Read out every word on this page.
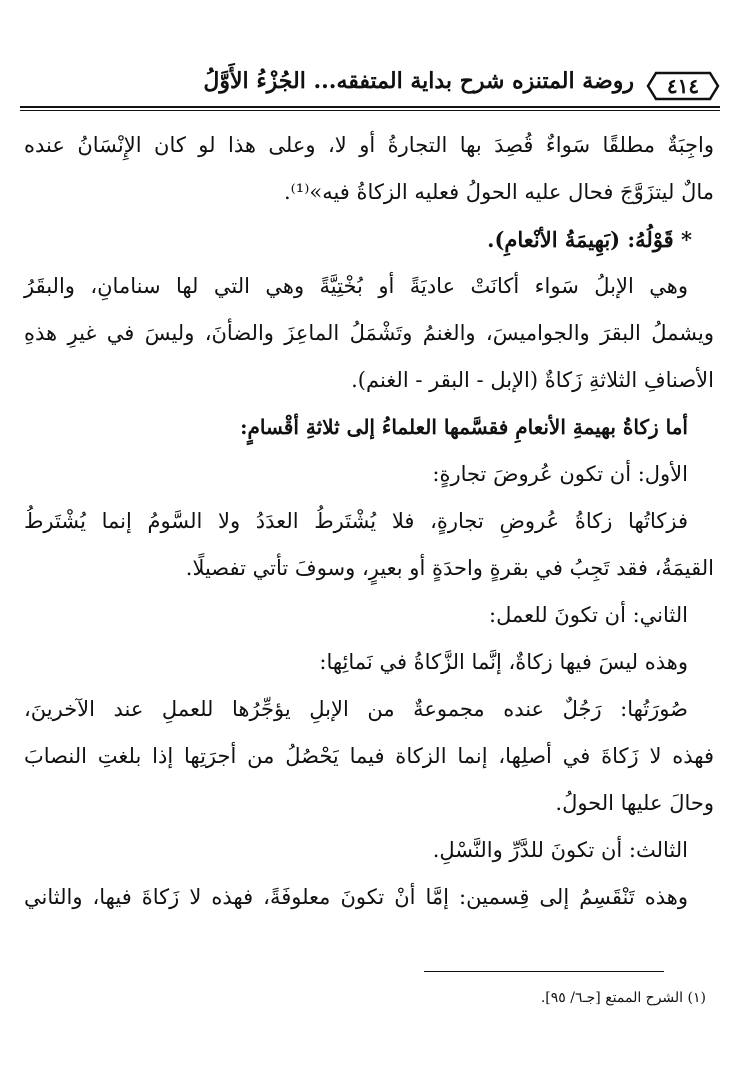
٤١٤
روضة المتنزه شرح بداية المتفقه... الجُزْءُ الأَوَّلُ
واجِبَةٌ مطلقًا سَواءٌ قُصِدَ بها التجارةُ أو لا، وعلى هذا لو كان الإِنْسَانُ عنده
مالٌ ليتزَوَّجَ فحال عليه الحولُ فعليه الزكاةُ فيه»⁽¹⁾.
* قَوْلُهُ: (بَهِيمَةُ الأنْعامِ).
وهي الإبلُ سَواء أكانَتْ عاديَةً أو بُخْتِيَّةً وهي التي لها سنامانِ، والبقَرُ
ويشملُ البقرَ والجواميسَ، والغنمُ وتَشْمَلُ الماعِزَ والضأنَ، وليسَ في غيرِ هذهِ
الأصنافِ الثلاثةِ زَكاةٌ (الإبل - البقر - الغنم).
أما زكاةُ بهيمةِ الأنعامِ فقسَّمها العلماءُ إلى ثلاثةِ أقْسامٍ:
الأول: أن تكون عُروضَ تجارةٍ:
فزكاتُها زكاةُ عُروضِ تجارةٍ، فلا يُشْتَرطُ العدَدُ ولا السَّومُ إنما يُشْتَرطُ
القيمَةُ، فقد تَجِبُ في بقرةٍ واحدَةٍ أو بعيرٍ، وسوفَ تأتي تفصيلًا.
الثاني: أن تكونَ للعمل:
وهذه ليسَ فيها زكاةٌ، إنَّما الزَّكاةُ في نَمائِها:
صُورَتُها: رَجُلٌ عنده مجموعةٌ من الإبلِ يؤجِّرُها للعملِ عند الآخرينَ،
فهذه لا زَكاةَ في أصلِها، إنما الزكاة فيما يَحْصُلُ من أجرَتِها إذا بلغتِ النصابَ
وحالَ عليها الحولُ.
الثالث: أن تكونَ للدَّرِّ والنَّسْلِ.
وهذه تَنْقَسِمُ إلى قِسمين: إمَّا أنْ تكونَ معلوفَةً، فهذه لا زَكاةَ فيها، والثاني
(١) الشرح الممتع [جـ٦/ ٩٥].
